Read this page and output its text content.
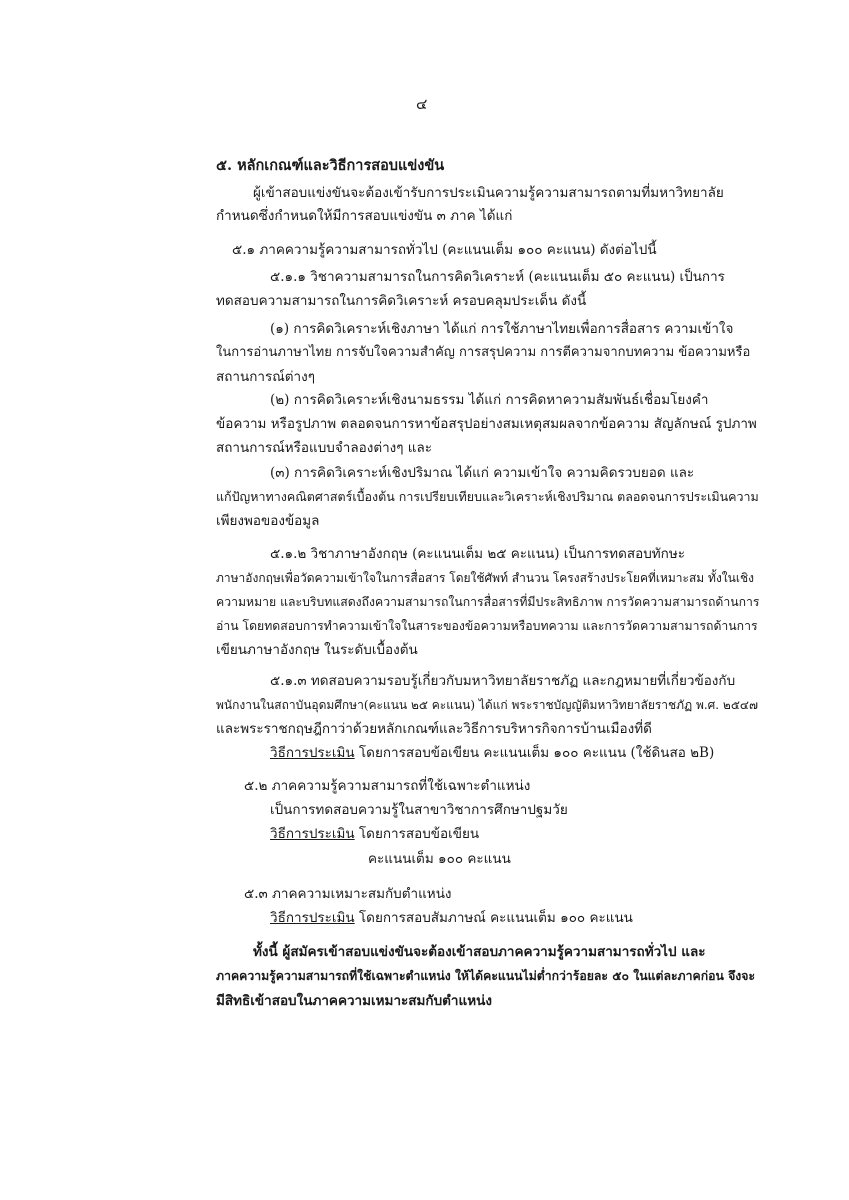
๔
๕. หลักเกณฑ์และวิธีการสอบแข่งขัน
ผู้เข้าสอบแข่งขันจะต้องเข้ารับการประเมินความรู้ความสามารถตามที่มหาวิทยาลัย
กำหนดซึ่งกำหนดให้มีการสอบแข่งขัน ๓ ภาค ได้แก่
๕.๑ ภาคความรู้ความสามารถทั่วไป (คะแนนเต็ม ๑๐๐ คะแนน) ดังต่อไปนี้
๕.๑.๑ วิชาความสามารถในการคิดวิเคราะห์ (คะแนนเต็ม ๕๐ คะแนน) เป็นการ
ทดสอบความสามารถในการคิดวิเคราะห์ ครอบคลุมประเด็น ดังนี้
(๑) การคิดวิเคราะห์เชิงภาษา ได้แก่ การใช้ภาษาไทยเพื่อการสื่อสาร ความเข้าใจ
ในการอ่านภาษาไทย การจับใจความสำคัญ การสรุปความ การตีความจากบทความ ข้อความหรือ
สถานการณ์ต่างๆ
(๒) การคิดวิเคราะห์เชิงนามธรรม ได้แก่ การคิดหาความสัมพันธ์เชื่อมโยงคำ
ข้อความ หรือรูปภาพ ตลอดจนการหาข้อสรุปอย่างสมเหตุสมผลจากข้อความ สัญลักษณ์ รูปภาพ
สถานการณ์หรือแบบจำลองต่างๆ และ
(๓) การคิดวิเคราะห์เชิงปริมาณ ได้แก่ ความเข้าใจ ความคิดรวบยอด และ
แก้ปัญหาทางคณิตศาสตร์เบื้องต้น การเปรียบเทียบและวิเคราะห์เชิงปริมาณ ตลอดจนการประเมินความ
เพียงพอของข้อมูล
๕.๑.๒ วิชาภาษาอังกฤษ (คะแนนเต็ม ๒๕ คะแนน) เป็นการทดสอบทักษะ
ภาษาอังกฤษเพื่อวัดความเข้าใจในการสื่อสาร โดยใช้ศัพท์ สำนวน โครงสร้างประโยคที่เหมาะสม ทั้งในเชิง
ความหมาย และบริบทแสดงถึงความสามารถในการสื่อสารที่มีประสิทธิภาพ การวัดความสามารถด้านการ
อ่าน โดยทดสอบการทำความเข้าใจในสาระของข้อความหรือบทความ และการวัดความสามารถด้านการ
เขียนภาษาอังกฤษ ในระดับเบื้องต้น
๕.๑.๓ ทดสอบความรอบรู้เกี่ยวกับมหาวิทยาลัยราชภัฏ และกฎหมายที่เกี่ยวข้องกับ
พนักงานในสถาบันอุดมศึกษา(คะแนน ๒๕ คะแนน) ได้แก่ พระราชบัญญัติมหาวิทยาลัยราชภัฏ พ.ศ. ๒๕๔๗
และพระราชกฤษฎีกาว่าด้วยหลักเกณฑ์และวิธีการบริหารกิจการบ้านเมืองที่ดี
วิธีการประเมิน โดยการสอบข้อเขียน คะแนนเต็ม ๑๐๐ คะแนน (ใช้ดินสอ ๒B)
๕.๒ ภาคความรู้ความสามารถที่ใช้เฉพาะตำแหน่ง
เป็นการทดสอบความรู้ในสาขาวิชาการศึกษาปฐมวัย
วิธีการประเมิน โดยการสอบข้อเขียน
คะแนนเต็ม ๑๐๐ คะแนน
๕.๓ ภาคความเหมาะสมกับตำแหน่ง
วิธีการประเมิน โดยการสอบสัมภาษณ์ คะแนนเต็ม ๑๐๐ คะแนน
ทั้งนี้ ผู้สมัครเข้าสอบแข่งขันจะต้องเข้าสอบภาคความรู้ความสามารถทั่วไป และ
ภาคความรู้ความสามารถที่ใช้เฉพาะตำแหน่ง ให้ได้คะแนนไม่ต่ำกว่าร้อยละ ๕๐ ในแต่ละภาคก่อน จึงจะ
มีสิทธิเข้าสอบในภาคความเหมาะสมกับตำแหน่ง
